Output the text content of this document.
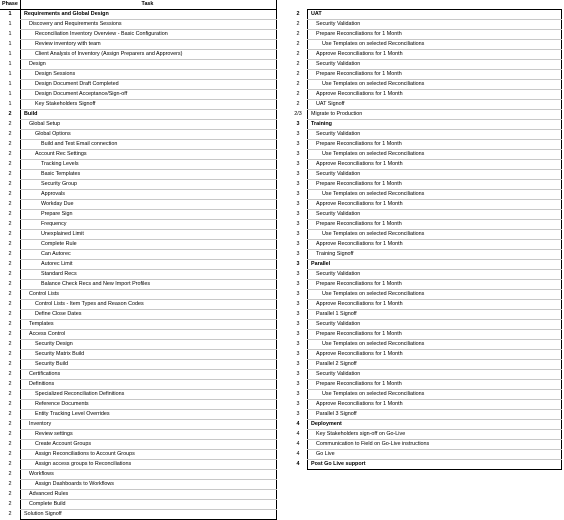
Phase	Task
1	Requirements and Global Design
1	Discovery and Requirements Sessions
1	Reconciliation Inventory Overview - Basic Configuration
1	Review inventory with team
1	Client Analysis of Inventory (Assign Preparers and Approvers)
1	Design
1	Design Sessions
1	Design Document Draft Completed
1	Design Document Acceptance/Sign-off
1	Key Stakeholders Signoff
2	Build
2	Global Setup
2	Global Options
2	Build and Test Email connection
2	Account Rec Settings
2	Tracking Levels
2	Basic Templates
2	Security Group
2	Approvals
2	Workday Due
2	Prepare Sign
2	Frequency
2	Unexplained Limit
2	Complete Rule
2	Can Autorec
2	Autorec Limit
2	Standard Recs
2	Balance Check Recs and New Import Profiles
2	Control Lists
2	Control Lists - Item Types and Reason Codes
2	Define Close Dates
2	Templates
2	Access Control
2	Security Design
2	Security Matrix Build
2	Security Build
2	Certifications
2	Definitions
2	Specialized Reconciliation Definitions
2	Reference Documents
2	Entity Tracking Level Overrides
2	Inventory
2	Review settings
2	Create Account Groups
2	Assign Reconciliations to Account Groups
2	Assign access groups to Reconciliations
2	Workflows
2	Assign Dashboards to Workflows
2	Advanced Rules
2	Complete Build
2	Solution Signoff
2	UAT
2	Security Validation
2	Prepare Reconciliations for 1 Month
2	Use Templates on selected Reconciliations
2	Approve Reconciliations for 1 Month
2	Security Validation
2	Prepare Reconciliations for 1 Month
2	Use Templates on selected Reconciliations
2	Approve Reconciliations for 1 Month
2	UAT Signoff
2/3	Migrate to Production
3	Training
3	Security Validation
3	Prepare Reconciliations for 1 Month
3	Use Templates on selected Reconciliations
3	Approve Reconciliations for 1 Month
3	Security Validation
3	Prepare Reconciliations for 1 Month
3	Use Templates on selected Reconciliations
3	Approve Reconciliations for 1 Month
3	Security Validation
3	Prepare Reconciliations for 1 Month
3	Use Templates on selected Reconciliations
3	Approve Reconciliations for 1 Month
3	Training Signoff
3	Parallel
3	Security Validation
3	Prepare Reconciliations for 1 Month
3	Use Templates on selected Reconciliations
3	Approve Reconciliations for 1 Month
3	Parallel 1 Signoff
3	Security Validation
3	Prepare Reconciliations for 1 Month
3	Use Templates on selected Reconciliations
3	Approve Reconciliations for 1 Month
3	Parallel 2 Signoff
3	Security Validation
3	Prepare Reconciliations for 1 Month
3	Use Templates on selected Reconciliations
3	Approve Reconciliations for 1 Month
3	Parallel 3 Signoff
4	Deployment
4	Key Stakeholders sign-off on Go-Live
4	Communication to Field on Go-Live instructions
4	Go Live
4	Post Go Live support
